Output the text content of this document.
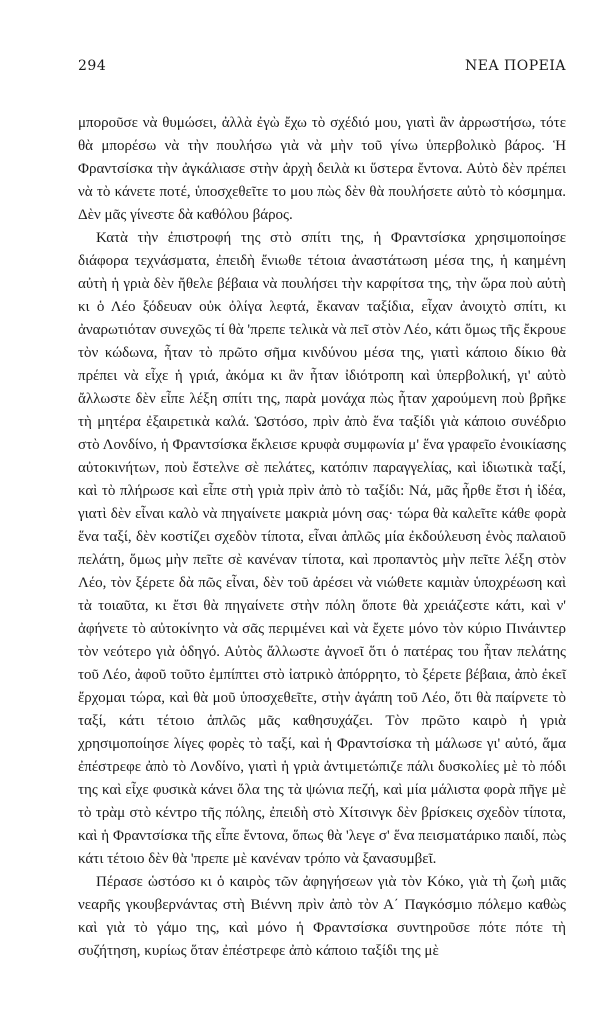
294	ΝΕΑ ΠΟΡΕΙΑ

μποροῦσε νὰ θυμώσει, ἀλλὰ ἐγὼ ἔχω τὸ σχέδιό μου, γιατὶ ἂν ἀρρωστήσω, τότε θὰ μπορέσω νὰ τὴν πουλήσω γιὰ νὰ μὴν τοῦ γίνω ὑπερβολικὸ βάρος. Ἡ Φραντσίσκα τὴν ἀγκάλιασε στὴν ἀρχὴ δειλὰ κι ὕστερα ἔντονα. Αὐτὸ δὲν πρέπει νὰ τὸ κάνετε ποτέ, ὑποσχεθεῖτε το μου πὼς δὲν θὰ πουλήσετε αὐτὸ τὸ κόσμημα. Δὲν μᾶς γίνεστε δὰ καθόλου βάρος.

Κατὰ τὴν ἐπιστροφή της στὸ σπίτι της, ἡ Φραντσίσκα χρησιμοποίησε διάφορα τεχνάσματα, ἐπειδὴ ἔνιωθε τέτοια ἀναστάτωση μέσα της, ἡ καημένη αὐτὴ ἡ γριὰ δὲν ἤθελε βέβαια νὰ πουλήσει τὴν καρφίτσα της, τὴν ὥρα ποὺ αὐτὴ κι ὁ Λέο ξόδευαν οὐκ ὀλίγα λεφτά, ἔκαναν ταξίδια, εἶχαν ἀνοιχτὸ σπίτι, κι ἀναρωτιόταν συνεχῶς τί θὰ 'πρεπε τελικὰ νὰ πεῖ στὸν Λέο, κάτι ὅμως τῆς ἔκρουε τὸν κώδωνα, ἦταν τὸ πρῶτο σῆμα κινδύνου μέσα της, γιατὶ κάποιο δίκιο θὰ πρέπει νὰ εἶχε ἡ γριά, ἀκόμα κι ἂν ἦταν ἰδιότροπη καὶ ὑπερβολική, γι' αὐτὸ ἄλλωστε δὲν εἶπε λέξη σπίτι της, παρὰ μονάχα πὼς ἦταν χαρούμενη ποὺ βρῆκε τὴ μητέρα ἐξαιρετικὰ καλά. Ὡστόσο, πρὶν ἀπὸ ἕνα ταξίδι γιὰ κάποιο συνέδριο στὸ Λονδίνο, ἡ Φραντσίσκα ἔκλεισε κρυφὰ συμφωνία μ' ἕνα γραφεῖο ἐνοικίασης αὐτοκινήτων, ποὺ ἔστελνε σὲ πελάτες, κατόπιν παραγγελίας, καὶ ἰδιωτικὰ ταξί, καὶ τὸ πλήρωσε καὶ εἶπε στὴ γριὰ πρὶν ἀπὸ τὸ ταξίδι: Νά, μᾶς ἦρθε ἔτσι ἡ ἰδέα, γιατὶ δὲν εἶναι καλὸ νὰ πηγαίνετε μακριὰ μόνη σας· τώρα θὰ καλεῖτε κάθε φορὰ ἕνα ταξί, δὲν κοστίζει σχεδὸν τίποτα, εἶναι ἁπλῶς μία ἐκδούλευση ἑνὸς παλαιοῦ πελάτη, ὅμως μὴν πεῖτε σὲ κανέναν τίποτα, καὶ προπαντὸς μὴν πεῖτε λέξη στὸν Λέο, τὸν ξέρετε δὰ πῶς εἶναι, δὲν τοῦ ἀρέσει νὰ νιώθετε καμιὰν ὑποχρέωση καὶ τὰ τοιαῦτα, κι ἔτσι θὰ πηγαίνετε στὴν πόλη ὅποτε θὰ χρειάζεστε κάτι, καὶ ν' ἀφήνετε τὸ αὐτοκίνητο νὰ σᾶς περιμένει καὶ νὰ ἔχετε μόνο τὸν κύριο Πινάιντερ τὸν νεότερο γιὰ ὁδηγό. Αὐτὸς ἄλλωστε ἀγνοεῖ ὅτι ὁ πατέρας του ἦταν πελάτης τοῦ Λέο, ἀφοῦ τοῦτο ἐμπίπτει στὸ ἰατρικὸ ἀπόρρητο, τὸ ξέρετε βέβαια, ἀπὸ ἐκεῖ ἔρχομαι τώρα, καὶ θὰ μοῦ ὑποσχεθεῖτε, στὴν ἀγάπη τοῦ Λέο, ὅτι θὰ παίρνετε τὸ ταξί, κάτι τέτοιο ἁπλῶς μᾶς καθησυχάζει. Τὸν πρῶτο καιρὸ ἡ γριὰ χρησιμοποίησε λίγες φορὲς τὸ ταξί, καὶ ἡ Φραντσίσκα τὴ μάλωσε γι' αὐτό, ἅμα ἐπέστρεφε ἀπὸ τὸ Λονδίνο, γιατὶ ἡ γριὰ ἀντιμετώπιζε πάλι δυσκολίες μὲ τὸ πόδι της καὶ εἶχε φυσικὰ κάνει ὅλα της τὰ ψώνια πεζή, καὶ μία μάλιστα φορὰ πῆγε μὲ τὸ τρὰμ στὸ κέντρο τῆς πόλης, ἐπειδὴ στὸ Χίτσινγκ δὲν βρίσκεις σχεδὸν τίποτα, καὶ ἡ Φραντσίσκα τῆς εἶπε ἔντονα, ὅπως θὰ 'λεγε σ' ἕνα πεισματάρικο παιδί, πὼς κάτι τέτοιο δὲν θὰ 'πρεπε μὲ κανέναν τρόπο νὰ ξανασυμβεῖ.

Πέρασε ὡστόσο κι ὁ καιρὸς τῶν ἀφηγήσεων γιὰ τὸν Κόκο, γιὰ τὴ ζωὴ μιᾶς νεαρῆς γκουβερνάντας στὴ Βιέννη πρὶν ἀπὸ τὸν Α΄ Παγκόσμιο πόλεμο καθὼς καὶ γιὰ τὸ γάμο της, καὶ μόνο ἡ Φραντσίσκα συντηροῦσε πότε πότε τὴ συζήτηση, κυρίως ὅταν ἐπέστρεφε ἀπὸ κάποιο ταξίδι της μὲ
